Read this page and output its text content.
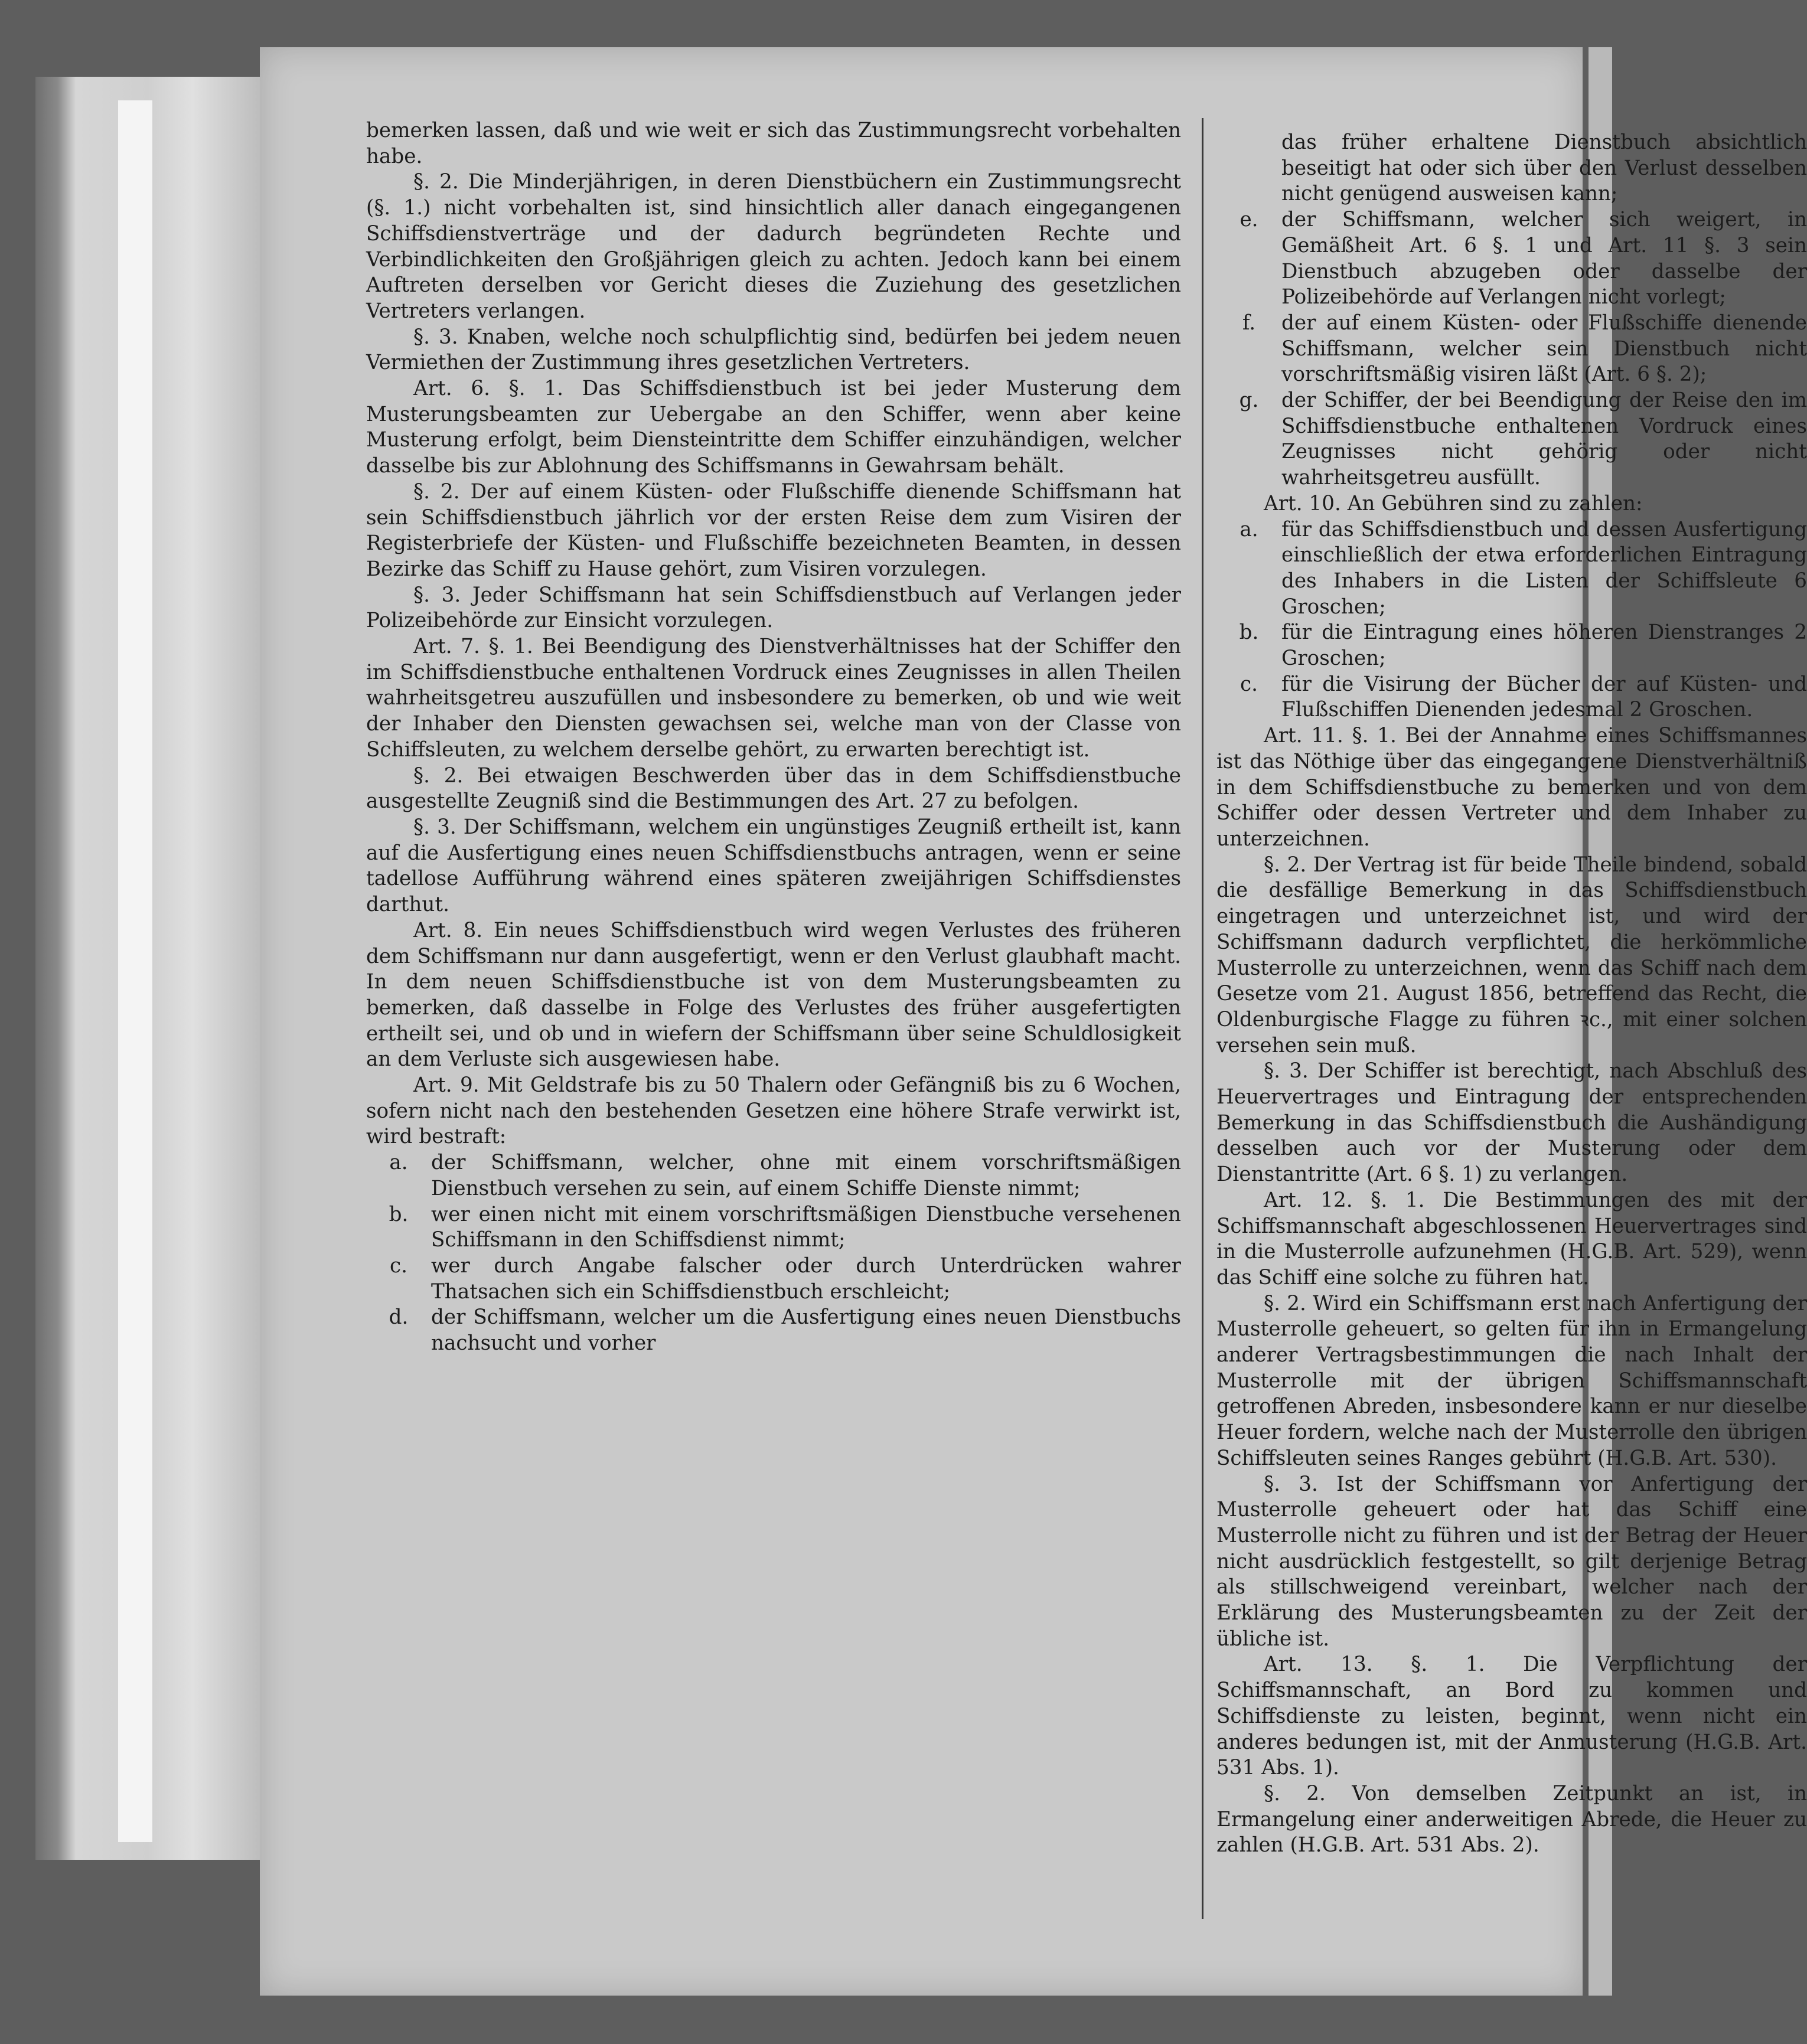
bemerken lassen, daß und wie weit er sich das Zustimmungsrecht vorbehalten habe.

§. 2. Die Minderjährigen, in deren Dienstbüchern ein Zustimmungsrecht (§. 1.) nicht vorbehalten ist, sind hinsichtlich aller danach eingegangenen Schiffsdienstverträge und der dadurch begründeten Rechte und Verbindlichkeiten den Großjährigen gleich zu achten. Jedoch kann bei einem Auftreten derselben vor Gericht dieses die Zuziehung des gesetzlichen Vertreters verlangen.

§. 3. Knaben, welche noch schulpflichtig sind, bedürfen bei jedem neuen Vermiethen der Zustimmung ihres gesetzlichen Vertreters.

Art. 6. §. 1. Das Schiffsdienstbuch ist bei jeder Musterung dem Musterungsbeamten zur Uebergabe an den Schiffer, wenn aber keine Musterung erfolgt, beim Diensteintritte dem Schiffer einzuhändigen, welcher dasselbe bis zur Ablohnung des Schiffsmanns in Gewahrsam behält.

§. 2. Der auf einem Küsten- oder Flußschiffe dienende Schiffsmann hat sein Schiffsdienstbuch jährlich vor der ersten Reise dem zum Visiren der Registerbriefe der Küsten- und Flußschiffe bezeichneten Beamten, in dessen Bezirke das Schiff zu Hause gehört, zum Visiren vorzulegen.

§. 3. Jeder Schiffsmann hat sein Schiffsdienstbuch auf Verlangen jeder Polizeibehörde zur Einsicht vorzulegen.

Art. 7. §. 1. Bei Beendigung des Dienstverhältnisses hat der Schiffer den im Schiffsdienstbuche enthaltenen Vordruck eines Zeugnisses in allen Theilen wahrheitsgetreu auszufüllen und insbesondere zu bemerken, ob und wie weit der Inhaber den Diensten gewachsen sei, welche man von der Classe von Schiffsleuten, zu welchem derselbe gehört, zu erwarten berechtigt ist.

§. 2. Bei etwaigen Beschwerden über das in dem Schiffsdienstbuche ausgestellte Zeugniß sind die Bestimmungen des Art. 27 zu befolgen.

§. 3. Der Schiffsmann, welchem ein ungünstiges Zeugniß ertheilt ist, kann auf die Ausfertigung eines neuen Schiffsdienstbuchs antragen, wenn er seine tadellose Aufführung während eines späteren zweijährigen Schiffsdienstes darthut.

Art. 8. Ein neues Schiffsdienstbuch wird wegen Verlustes des früheren dem Schiffsmann nur dann ausgefertigt, wenn er den Verlust glaubhaft macht. In dem neuen Schiffsdienstbuche ist von dem Musterungsbeamten zu bemerken, daß dasselbe in Folge des Verlustes des früher ausgefertigten ertheilt sei, und ob und in wiefern der Schiffsmann über seine Schuldlosigkeit an dem Verluste sich ausgewiesen habe.

Art. 9. Mit Geldstrafe bis zu 50 Thalern oder Gefängniß bis zu 6 Wochen, sofern nicht nach den bestehenden Gesetzen eine höhere Strafe verwirkt ist, wird bestraft:

a.	der Schiffsmann, welcher, ohne mit einem vorschriftsmäßigen Dienstbuch versehen zu sein, auf einem Schiffe Dienste nimmt;
b.	wer einen nicht mit einem vorschriftsmäßigen Dienstbuche versehenen Schiffsmann in den Schiffsdienst nimmt;
c.	wer durch Angabe falscher oder durch Unterdrücken wahrer Thatsachen sich ein Schiffsdienstbuch erschleicht;
d.	der Schiffsmann, welcher um die Ausfertigung eines neuen Dienstbuchs nachsucht und vorher
das früher erhaltene Dienstbuch absichtlich beseitigt hat oder sich über den Verlust desselben nicht genügend ausweisen kann;
e.	der Schiffsmann, welcher sich weigert, in Gemäßheit Art. 6 §. 1 und Art. 11 §. 3 sein Dienstbuch abzugeben oder dasselbe der Polizeibehörde auf Verlangen nicht vorlegt;
f.	der auf einem Küsten- oder Flußschiffe dienende Schiffsmann, welcher sein Dienstbuch nicht vorschriftsmäßig visiren läßt (Art. 6 §. 2);
g.	der Schiffer, der bei Beendigung der Reise den im Schiffsdienstbuche enthaltenen Vordruck eines Zeugnisses nicht gehörig oder nicht wahrheitsgetreu ausfüllt.

Art. 10. An Gebühren sind zu zahlen:

a.	für das Schiffsdienstbuch und dessen Ausfertigung einschließlich der etwa erforderlichen Eintragung des Inhabers in die Listen der Schiffsleute 6 Groschen;
b.	für die Eintragung eines höheren Dienstranges 2 Groschen;
c.	für die Visirung der Bücher der auf Küsten- und Flußschiffen Dienenden jedesmal 2 Groschen.

Art. 11. §. 1. Bei der Annahme eines Schiffsmannes ist das Nöthige über das eingegangene Dienstverhältniß in dem Schiffsdienstbuche zu bemerken und von dem Schiffer oder dessen Vertreter und dem Inhaber zu unterzeichnen.

§. 2. Der Vertrag ist für beide Theile bindend, sobald die desfällige Bemerkung in das Schiffsdienstbuch eingetragen und unterzeichnet ist, und wird der Schiffsmann dadurch verpflichtet, die herkömmliche Musterrolle zu unterzeichnen, wenn das Schiff nach dem Gesetze vom 21. August 1856, betreffend das Recht, die Oldenburgische Flagge zu führen ꝛc., mit einer solchen versehen sein muß.

§. 3. Der Schiffer ist berechtigt, nach Abschluß des Heuervertrages und Eintragung der entsprechenden Bemerkung in das Schiffsdienstbuch die Aushändigung desselben auch vor der Musterung oder dem Dienstantritte (Art. 6 §. 1) zu verlangen.

Art. 12. §. 1. Die Bestimmungen des mit der Schiffsmannschaft abgeschlossenen Heuervertrages sind in die Musterrolle aufzunehmen (H.G.B. Art. 529), wenn das Schiff eine solche zu führen hat.

§. 2. Wird ein Schiffsmann erst nach Anfertigung der Musterrolle geheuert, so gelten für ihn in Ermangelung anderer Vertragsbestimmungen die nach Inhalt der Musterrolle mit der übrigen Schiffsmannschaft getroffenen Abreden, insbesondere kann er nur dieselbe Heuer fordern, welche nach der Musterrolle den übrigen Schiffsleuten seines Ranges gebührt (H.G.B. Art. 530).

§. 3. Ist der Schiffsmann vor Anfertigung der Musterrolle geheuert oder hat das Schiff eine Musterrolle nicht zu führen und ist der Betrag der Heuer nicht ausdrücklich festgestellt, so gilt derjenige Betrag als stillschweigend vereinbart, welcher nach der Erklärung des Musterungsbeamten zu der Zeit der übliche ist.

Art. 13. §. 1. Die Verpflichtung der Schiffsmannschaft, an Bord zu kommen und Schiffsdienste zu leisten, beginnt, wenn nicht ein anderes bedungen ist, mit der Anmusterung (H.G.B. Art. 531 Abs. 1).

§. 2. Von demselben Zeitpunkt an ist, in Ermangelung einer anderweitigen Abrede, die Heuer zu zahlen (H.G.B. Art. 531 Abs. 2).
